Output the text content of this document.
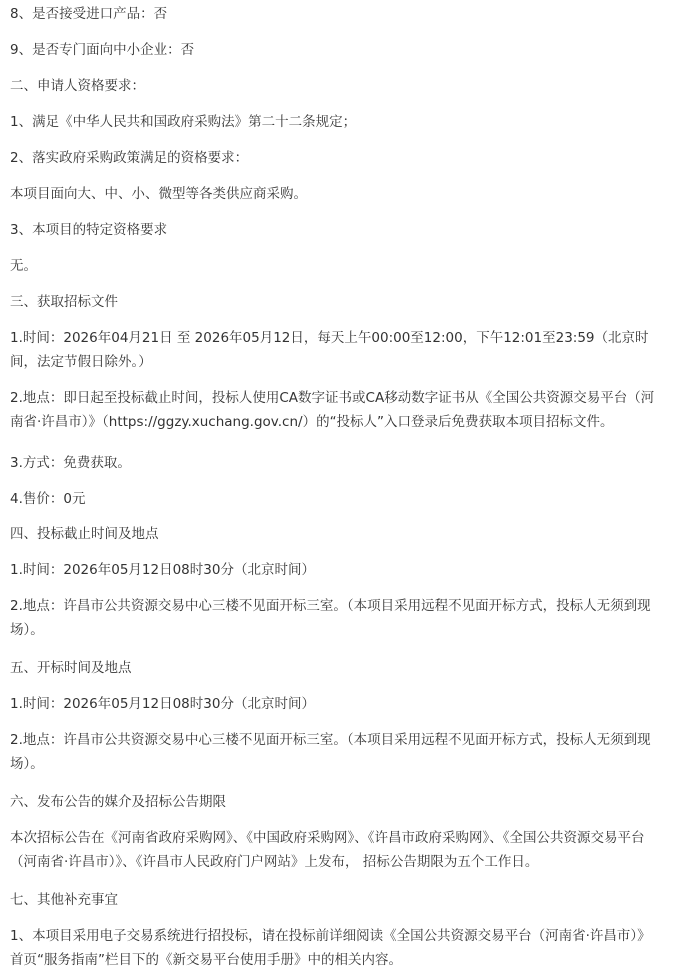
8、是否接受进口产品：否

9、是否专门面向中小企业：否

二、申请人资格要求：

1、满足《中华人民共和国政府采购法》第二十二条规定；

2、落实政府采购政策满足的资格要求：

本项目面向大、中、小、微型等各类供应商采购。

3、本项目的特定资格要求

无。

三、获取招标文件

1.时间：2026年04月21日 至 2026年05月12日，每天上午00:00至12:00，下午12:01至23:59（北京时间，法定节假日除外。）

2.地点：即日起至投标截止时间，投标人使用CA数字证书或CA移动数字证书从《全国公共资源交易平台（河南省·许昌市）》（https://ggzy.xuchang.gov.cn/）的“投标人”入口登录后免费获取本项目招标文件。

3.方式：免费获取。

4.售价：0元

四、投标截止时间及地点

1.时间：2026年05月12日08时30分（北京时间）

2.地点：许昌市公共资源交易中心三楼不见面开标三室。（本项目采用远程不见面开标方式，投标人无须到现场）。

五、开标时间及地点

1.时间：2026年05月12日08时30分（北京时间）

2.地点：许昌市公共资源交易中心三楼不见面开标三室。（本项目采用远程不见面开标方式，投标人无须到现场）。

六、发布公告的媒介及招标公告期限

本次招标公告在《河南省政府采购网》、《中国政府采购网》、《许昌市政府采购网》、《全国公共资源交易平台（河南省·许昌市）》、《许昌市人民政府门户网站》上发布， 招标公告期限为五个工作日。

七、其他补充事宜

1、本项目采用电子交易系统进行招投标，请在投标前详细阅读《全国公共资源交易平台（河南省·许昌市）》首页“服务指南”栏目下的《新交易平台使用手册》中的相关内容。
